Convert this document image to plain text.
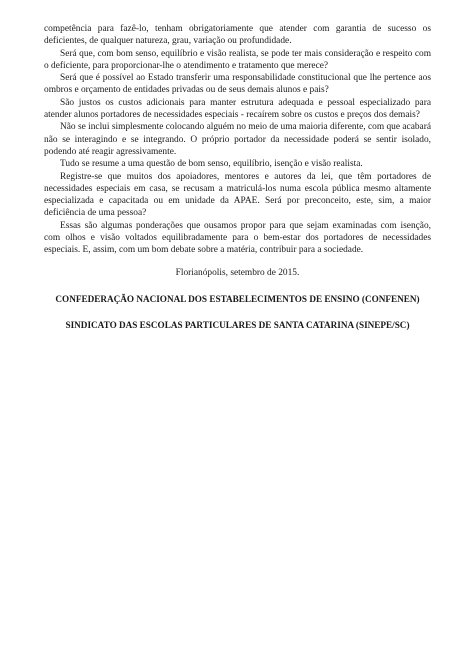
competência para fazê-lo, tenham obrigatoriamente que atender com garantia de sucesso os deficientes, de qualquer natureza, grau, variação ou profundidade.

Será que, com bom senso, equilíbrio e visão realista, se pode ter mais consideração e respeito com o deficiente, para proporcionar-lhe o atendimento e tratamento que merece?

Será que é possível ao Estado transferir uma responsabilidade constitucional que lhe pertence aos ombros e orçamento de entidades privadas ou de seus demais alunos e pais?

São justos os custos adicionais para manter estrutura adequada e pessoal especializado para atender alunos portadores de necessidades especiais - recaírem sobre os custos e preços dos demais?

Não se inclui simplesmente colocando alguém no meio de uma maioria diferente, com que acabará não se interagindo e se integrando. O próprio portador da necessidade poderá se sentir isolado, podendo até reagir agressivamente.

Tudo se resume a uma questão de bom senso, equilíbrio, isenção e visão realista.

Registre-se que muitos dos apoiadores, mentores e autores da lei, que têm portadores de necessidades especiais em casa, se recusam a matriculá-los numa escola pública mesmo altamente especializada e capacitada ou em unidade da APAE. Será por preconceito, este, sim, a maior deficiência de uma pessoa?

Essas são algumas ponderações que ousamos propor para que sejam examinadas com isenção, com olhos e visão voltados equilibradamente para o bem-estar dos portadores de necessidades especiais. E, assim, com um bom debate sobre a matéria, contribuir para a sociedade.

Florianópolis, setembro de 2015.

CONFEDERAÇÃO NACIONAL DOS ESTABELECIMENTOS DE ENSINO (CONFENEN)

SINDICATO DAS ESCOLAS PARTICULARES DE SANTA CATARINA (SINEPE/SC)
